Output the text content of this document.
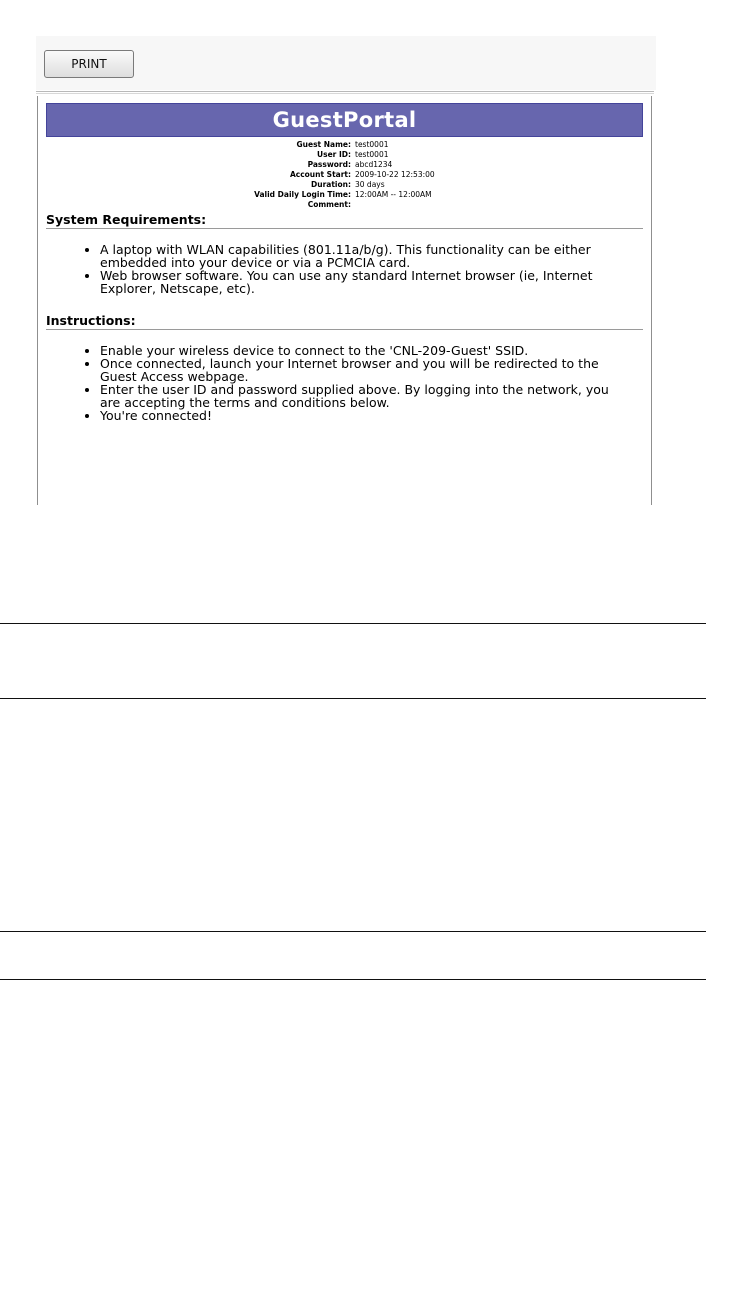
PRINT
GuestPortal
Guest Name:	test0001
User ID:	test0001
Password:	abcd1234
Account Start:	2009-10-22 12:53:00
Duration:	30 days
Valid Daily Login Time:	12:00AM -- 12:00AM
Comment:	
System Requirements:
• A laptop with WLAN capabilities (801.11a/b/g). This functionality can be either embedded into your device or via a PCMCIA card.
• Web browser software. You can use any standard Internet browser (ie, Internet Explorer, Netscape, etc).
Instructions:
• Enable your wireless device to connect to the 'CNL-209-Guest' SSID.
• Once connected, launch your Internet browser and you will be redirected to the Guest Access webpage.
• Enter the user ID and password supplied above. By logging into the network, you are accepting the terms and conditions below.
• You're connected!
